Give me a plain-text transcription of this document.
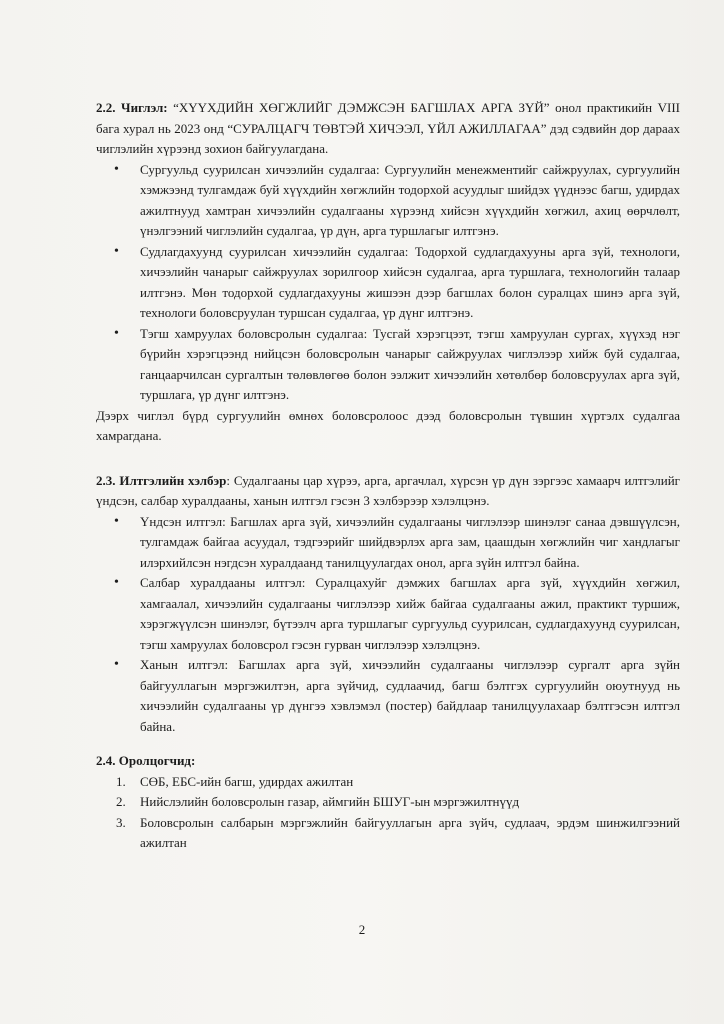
2.2. Чиглэл: “ХҮҮХДИЙН ХӨГЖЛИЙГ ДЭМЖСЭН БАГШЛАХ АРГА ЗҮЙ” онол практикийн VIII бага хурал нь 2023 онд “СУРАЛЦАГЧ ТӨВТЭЙ ХИЧЭЭЛ, ҮЙЛ АЖИЛЛАГАА” дэд сэдвийн дор дараах чиглэлийн хүрээнд зохион байгуулагдана.

• Сургуульд суурилсан хичээлийн судалгаа: Сургуулийн менежментийг сайжруулах, сургуулийн хэмжээнд тулгамдаж буй хүүхдийн хөгжлийн тодорхой асуудлыг шийдэх үүднээс багш, удирдах ажилтнууд хамтран хичээлийн судалгааны хүрээнд хийсэн хүүхдийн хөгжил, ахиц өөрчлөлт, үнэлгээний чиглэлийн судалгаа, үр дүн, арга туршлагыг илтгэнэ.
• Судлагдахуунд суурилсан хичээлийн судалгаа: Тодорхой судлагдахууны арга зүй, технологи, хичээлийн чанарыг сайжруулах зорилгоор хийсэн судалгаа, арга туршлага, технологийн талаар илтгэнэ. Мөн тодорхой судлагдахууны жишээн дээр багшлах болон суралцах шинэ арга зүй, технологи боловсруулан туршсан судалгаа, үр дүнг илтгэнэ.
• Тэгш хамруулах боловсролын судалгаа: Тусгай хэрэгцээт, тэгш хамруулан сургах, хүүхэд нэг бүрийн хэрэгцээнд нийцсэн боловсролын чанарыг сайжруулах чиглэлээр хийж буй судалгаа, ганцаарчилсан сургалтын төлөвлөгөө болон ээлжит хичээлийн хөтөлбөр боловсруулах арга зүй, туршлага, үр дүнг илтгэнэ.

Дээрх чиглэл бүрд сургуулийн өмнөх боловсролоос дээд боловсролын түвшин хүртэлх судалгаа хамрагдана.

2.3. Илтгэлийн хэлбэр: Судалгааны цар хүрээ, арга, аргачлал, хүрсэн үр дүн зэргээс хамаарч илтгэлийг үндсэн, салбар хуралдааны, ханын илтгэл гэсэн 3 хэлбэрээр хэлэлцэнэ.

• Үндсэн илтгэл: Багшлах арга зүй, хичээлийн судалгааны чиглэлээр шинэлэг санаа дэвшүүлсэн, тулгамдаж байгаа асуудал, тэдгээрийг шийдвэрлэх арга зам, цаашдын хөгжлийн чиг хандлагыг илэрхийлсэн нэгдсэн хуралдаанд танилцуулагдах онол, арга зүйн илтгэл байна.
• Салбар хуралдааны илтгэл: Суралцахуйг дэмжих багшлах арга зүй, хүүхдийн хөгжил, хамгаалал, хичээлийн судалгааны чиглэлээр хийж байгаа судалгааны ажил, практикт туршиж, хэрэгжүүлсэн шинэлэг, бүтээлч арга туршлагыг сургуульд суурилсан, судлагдахуунд суурилсан, тэгш хамруулах боловсрол гэсэн гурван чиглэлээр хэлэлцэнэ.
• Ханын илтгэл: Багшлах арга зүй, хичээлийн судалгааны чиглэлээр сургалт арга зүйн байгууллагын мэргэжилтэн, арга зүйчид, судлаачид, багш бэлтгэх сургуулийн оюутнууд нь хичээлийн судалгааны үр дүнгээ хэвлэмэл (постер) байдлаар танилцуулахаар бэлтгэсэн илтгэл байна.

2.4. Оролцогчид:

1. СӨБ, ЕБС-ийн багш, удирдах ажилтан
2. Нийслэлийн боловсролын газар, аймгийн БШУГ-ын мэргэжилтнүүд
3. Боловсролын салбарын мэргэжлийн байгууллагын арга зүйч, судлаач, эрдэм шинжилгээний ажилтан
2
